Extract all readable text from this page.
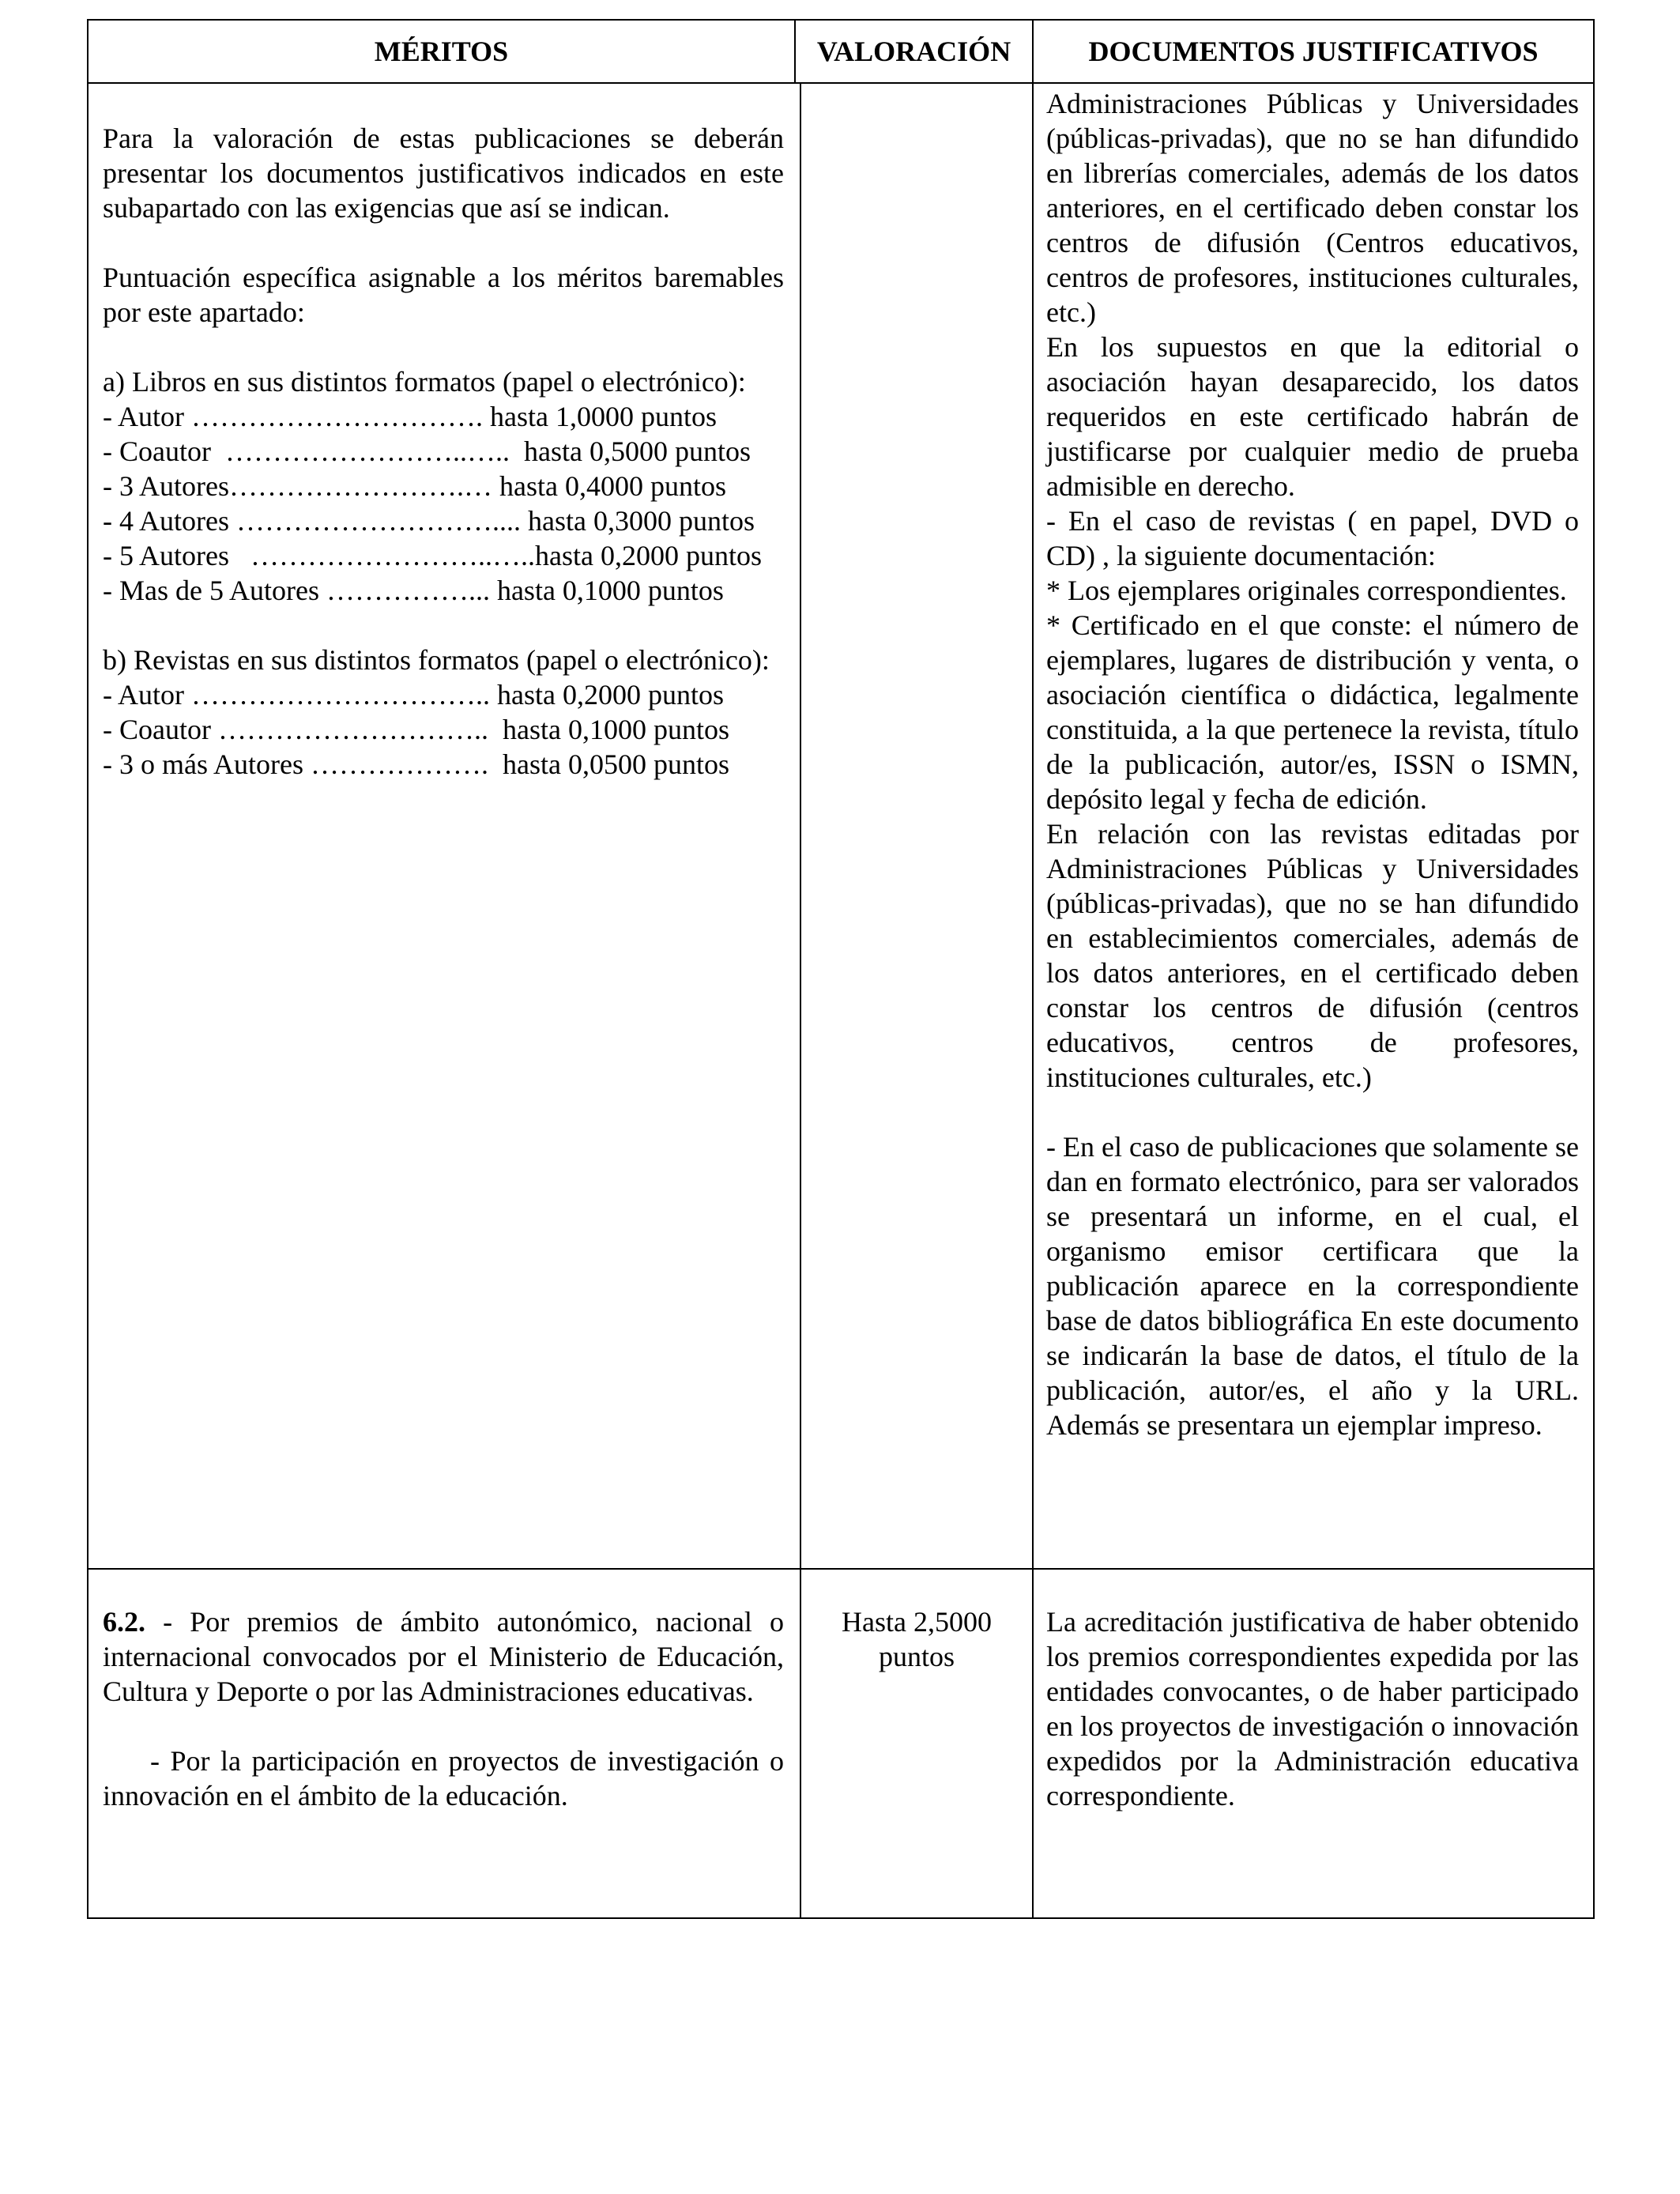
MÉRITOS	VALORACIÓN	DOCUMENTOS JUSTIFICATIVOS

Para la valoración de estas publicaciones se deberán presentar los documentos justificativos indicados en este subapartado con las exigencias que así se indican.

Puntuación específica asignable a los méritos baremables por este apartado:

a) Libros en sus distintos formatos (papel o electrónico):

- Autor …………………………. hasta 1,0000 puntos
- Coautor  ……………………..…..  hasta 0,5000 puntos
- 3 Autores…………………….… hasta 0,4000 puntos
- 4 Autores ……………………….... hasta 0,3000 puntos
- 5 Autores   ……………………..…..hasta 0,2000 puntos
- Mas de 5 Autores ……………... hasta 0,1000 puntos

b) Revistas en sus distintos formatos (papel o electrónico):

- Autor ………………………….. hasta 0,2000 puntos
- Coautor ………………………..  hasta 0,1000 puntos
- 3 o más Autores ……………….  hasta 0,0500 puntos

Administraciones Públicas y Universidades (públicas-privadas), que no se han difundido en librerías comerciales, además de los datos anteriores, en el certificado deben constar los centros de difusión (Centros educativos, centros de profesores, instituciones culturales, etc.)

En los supuestos en que la editorial o asociación hayan desaparecido, los datos requeridos en este certificado habrán de justificarse por cualquier medio de prueba admisible en derecho.

- En el caso de revistas ( en papel, DVD o CD) , la siguiente documentación:

* Los ejemplares originales correspondientes.

* Certificado en el que conste: el número de ejemplares, lugares de distribución y venta, o asociación científica o didáctica, legalmente constituida, a la que pertenece la revista, título de la publicación, autor/es, ISSN o ISMN, depósito legal y fecha de edición.

En relación con las revistas editadas por Administraciones Públicas y Universidades (públicas-privadas), que no se han difundido en establecimientos comerciales, además de los datos anteriores, en el certificado deben constar los centros de difusión (centros educativos, centros de profesores, instituciones culturales, etc.)

- En el caso de publicaciones que solamente se dan en formato electrónico, para ser valorados se presentará un informe, en el cual, el organismo emisor certificara que la publicación aparece en la correspondiente base de datos bibliográfica En este documento se indicarán la base de datos, el título de la publicación, autor/es, el año y la URL. Además se presentara un ejemplar impreso.

6.2. - Por premios de ámbito autonómico, nacional o internacional convocados por el Ministerio de Educación, Cultura y Deporte o por las Administraciones educativas.

- Por la participación en proyectos de investigación o innovación en el ámbito de la educación.

Hasta 2,5000 puntos

La acreditación justificativa de haber obtenido los premios correspondientes expedida por las entidades convocantes, o de haber participado en los proyectos de investigación o innovación expedidos por la Administración educativa correspondiente.
